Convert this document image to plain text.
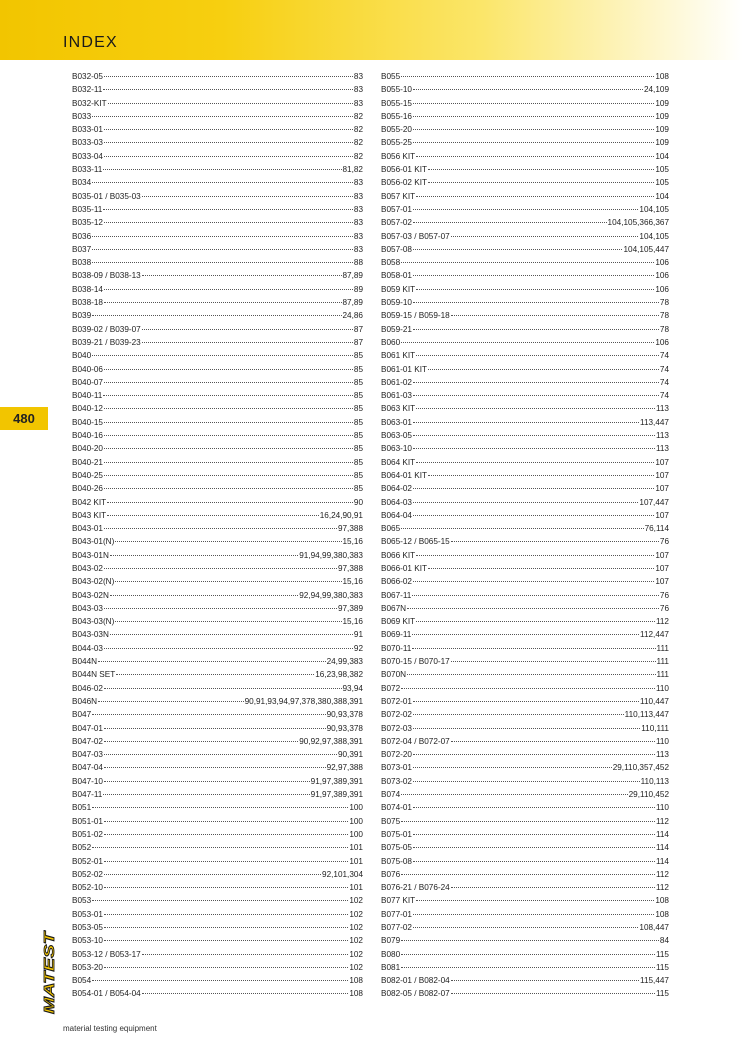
INDEX
480
B032-05	83
B032-11	83
B032-KIT	83
B033	82
B033-01	82
B033-03	82
B033-04	82
B033-11	81,82
B034	83
B035-01 / B035-03	83
B035-11	83
B035-12	83
B036	83
B037	83
B038	88
B038-09 / B038-13	87,89
B038-14	89
B038-18	87,89
B039	24,86
B039-02 / B039-07	87
B039-21 / B039-23	87
B040	85
B040-06	85
B040-07	85
B040-11	85
B040-12	85
B040-15	85
B040-16	85
B040-20	85
B040-21	85
B040-25	85
B040-26	85
B042 KIT	90
B043 KIT	16,24,90,91
B043-01	97,388
B043-01(N)	15,16
B043-01N	91,94,99,380,383
B043-02	97,388
B043-02(N)	15,16
B043-02N	92,94,99,380,383
B043-03	97,389
B043-03(N)	15,16
B043-03N	91
B044-03	92
B044N	24,99,383
B044N SET	16,23,98,382
B046-02	93,94
B046N	90,91,93,94,97,378,380,388,391
B047	90,93,378
B047-01	90,93,378
B047-02	90,92,97,388,391
B047-03	90,391
B047-04	92,97,388
B047-10	91,97,389,391
B047-11	91,97,389,391
B051	100
B051-01	100
B051-02	100
B052	101
B052-01	101
B052-02	92,101,304
B052-10	101
B053	102
B053-01	102
B053-05	102
B053-10	102
B053-12 / B053-17	102
B053-20	102
B054	108
B054-01 / B054-04	108
B055	108
B055-10	24,109
B055-15	109
B055-16	109
B055-20	109
B055-25	109
B056 KIT	104
B056-01 KIT	105
B056-02 KIT	105
B057 KIT	104
B057-01	104,105
B057-02	104,105,366,367
B057-03 / B057-07	104,105
B057-08	104,105,447
B058	106
B058-01	106
B059 KIT	106
B059-10	78
B059-15 / B059-18	78
B059-21	78
B060	106
B061 KIT	74
B061-01 KIT	74
B061-02	74
B061-03	74
B063 KIT	113
B063-01	113,447
B063-05	113
B063-10	113
B064 KIT	107
B064-01 KIT	107
B064-02	107
B064-03	107,447
B064-04	107
B065	76,114
B065-12 / B065-15	76
B066 KIT	107
B066-01 KIT	107
B066-02	107
B067-11	76
B067N	76
B069 KIT	112
B069-11	112,447
B070-11	111
B070-15 / B070-17	111
B070N	111
B072	110
B072-01	110,447
B072-02	110,113,447
B072-03	110,111
B072-04 / B072-07	110
B072-20	113
B073-01	29,110,357,452
B073-02	110,113
B074	29,110,452
B074-01	110
B075	112
B075-01	114
B075-05	114
B075-08	114
B076	112
B076-21 / B076-24	112
B077 KIT	108
B077-01	108
B077-02	108,447
B079	84
B080	115
B081	115
B082-01 / B082-04	115,447
B082-05 / B082-07	115
MATEST
material testing equipment
